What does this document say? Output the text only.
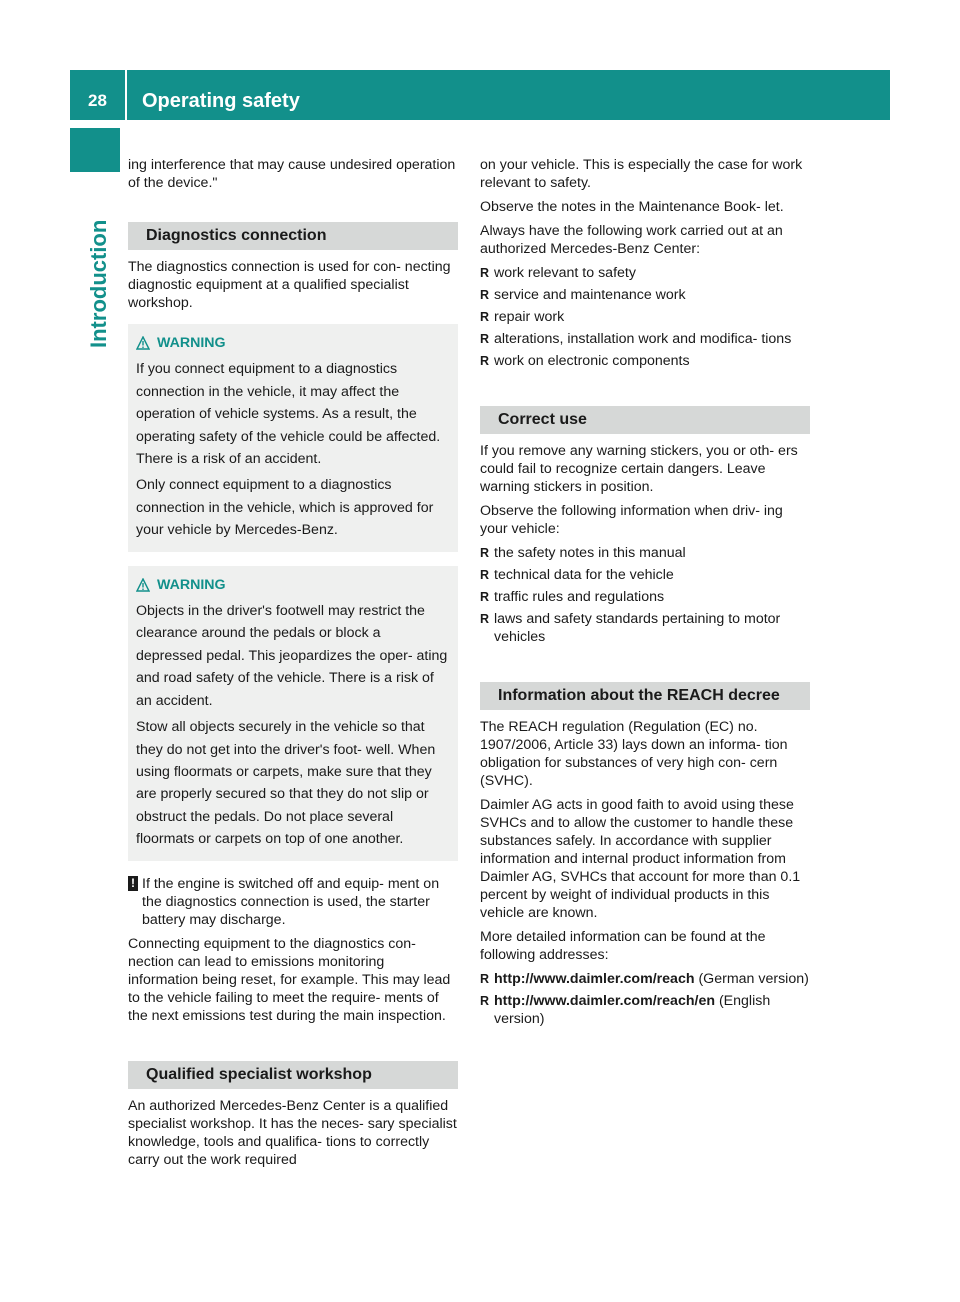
28	Operating safety
Introduction

ing interference that may cause undesired operation of the device."

Diagnostics connection

The diagnostics connection is used for con- necting diagnostic equipment at a qualified specialist workshop.

WARNING

If you connect equipment to a diagnostics connection in the vehicle, it may affect the operation of vehicle systems. As a result, the operating safety of the vehicle could be affected. There is a risk of an accident.

Only connect equipment to a diagnostics connection in the vehicle, which is approved for your vehicle by Mercedes-Benz.

WARNING

Objects in the driver's footwell may restrict the clearance around the pedals or block a depressed pedal. This jeopardizes the oper- ating and road safety of the vehicle. There is a risk of an accident.

Stow all objects securely in the vehicle so that they do not get into the driver's foot- well. When using floormats or carpets, make sure that they are properly secured so that they do not slip or obstruct the pedals. Do not place several floormats or carpets on top of one another.

! If the engine is switched off and equip- ment on the diagnostics connection is used, the starter battery may discharge.

Connecting equipment to the diagnostics con- nection can lead to emissions monitoring information being reset, for example. This may lead to the vehicle failing to meet the require- ments of the next emissions test during the main inspection.

Qualified specialist workshop

An authorized Mercedes-Benz Center is a qualified specialist workshop. It has the neces- sary specialist knowledge, tools and qualifica- tions to correctly carry out the work required

on your vehicle. This is especially the case for work relevant to safety.

Observe the notes in the Maintenance Book- let.

Always have the following work carried out at an authorized Mercedes-Benz Center:

R work relevant to safety
R service and maintenance work
R repair work
R alterations, installation work and modifica- tions
R work on electronic components
Correct use

If you remove any warning stickers, you or oth- ers could fail to recognize certain dangers. Leave warning stickers in position.

Observe the following information when driv- ing your vehicle:

R the safety notes in this manual
R technical data for the vehicle
R traffic rules and regulations
R laws and safety standards pertaining to motor vehicles
Information about the REACH decree

The REACH regulation (Regulation (EC) no. 1907/2006, Article 33) lays down an informa- tion obligation for substances of very high con- cern (SVHC).

Daimler AG acts in good faith to avoid using these SVHCs and to allow the customer to handle these substances safely. In accordance with supplier information and internal product information from Daimler AG, SVHCs that account for more than 0.1 percent by weight of individual products in this vehicle are known.

More detailed information can be found at the following addresses:

R http://www.daimler.com/reach (German version)
R http://www.daimler.com/reach/en (English version)
